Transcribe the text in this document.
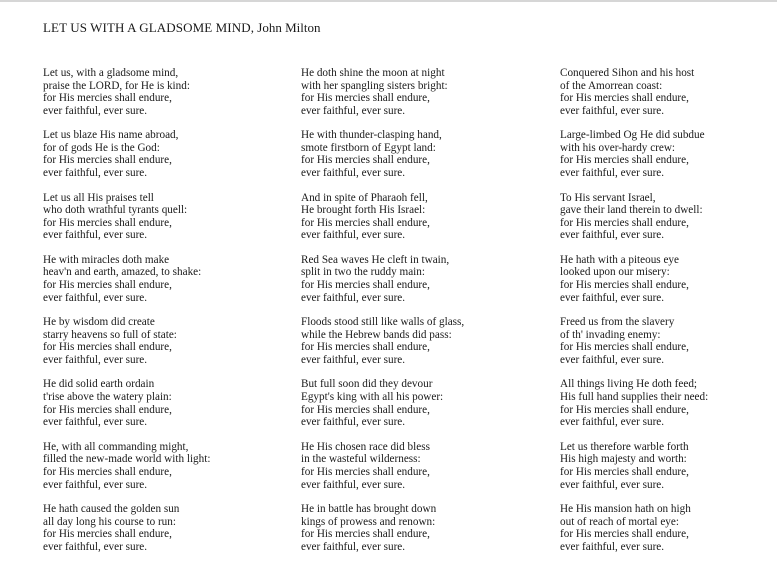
LET US WITH A GLADSOME MIND, John Milton
Let us, with a gladsome mind,
praise the LORD, for He is kind:
for His mercies shall endure,
ever faithful, ever sure.
Let us blaze His name abroad,
for of gods He is the God:
for His mercies shall endure,
ever faithful, ever sure.
Let us all His praises tell
who doth wrathful tyrants quell:
for His mercies shall endure,
ever faithful, ever sure.
He with miracles doth make
heav'n and earth, amazed, to shake:
for His mercies shall endure,
ever faithful, ever sure.
He by wisdom did create
starry heavens so full of state:
for His mercies shall endure,
ever faithful, ever sure.
He did solid earth ordain
t'rise above the watery plain:
for His mercies shall endure,
ever faithful, ever sure.
He, with all commanding might,
filled the new-made world with light:
for His mercies shall endure,
ever faithful, ever sure.
He hath caused the golden sun
all day long his course to run:
for His mercies shall endure,
ever faithful, ever sure.
He doth shine the moon at night
with her spangling sisters bright:
for His mercies shall endure,
ever faithful, ever sure.
He with thunder-clasping hand,
smote firstborn of Egypt land:
for His mercies shall endure,
ever faithful, ever sure.
And in spite of Pharaoh fell,
He brought forth His Israel:
for His mercies shall endure,
ever faithful, ever sure.
Red Sea waves He cleft in twain,
split in two the ruddy main:
for His mercies shall endure,
ever faithful, ever sure.
Floods stood still like walls of glass,
while the Hebrew bands did pass:
for His mercies shall endure,
ever faithful, ever sure.
But full soon did they devour
Egypt's king with all his power:
for His mercies shall endure,
ever faithful, ever sure.
He His chosen race did bless
in the wasteful wilderness:
for His mercies shall endure,
ever faithful, ever sure.
He in battle has brought down
kings of prowess and renown:
for His mercies shall endure,
ever faithful, ever sure.
Conquered Sihon and his host
of the Amorrean coast:
for His mercies shall endure,
ever faithful, ever sure.
Large-limbed Og He did subdue
with his over-hardy crew:
for His mercies shall endure,
ever faithful, ever sure.
To His servant Israel,
gave their land therein to dwell:
for His mercies shall endure,
ever faithful, ever sure.
He hath with a piteous eye
looked upon our misery:
for His mercies shall endure,
ever faithful, ever sure.
Freed us from the slavery
of th' invading enemy:
for His mercies shall endure,
ever faithful, ever sure.
All things living He doth feed;
His full hand supplies their need:
for His mercies shall endure,
ever faithful, ever sure.
Let us therefore warble forth
His high majesty and worth:
for His mercies shall endure,
ever faithful, ever sure.
He His mansion hath on high
out of reach of mortal eye:
for His mercies shall endure,
ever faithful, ever sure.
